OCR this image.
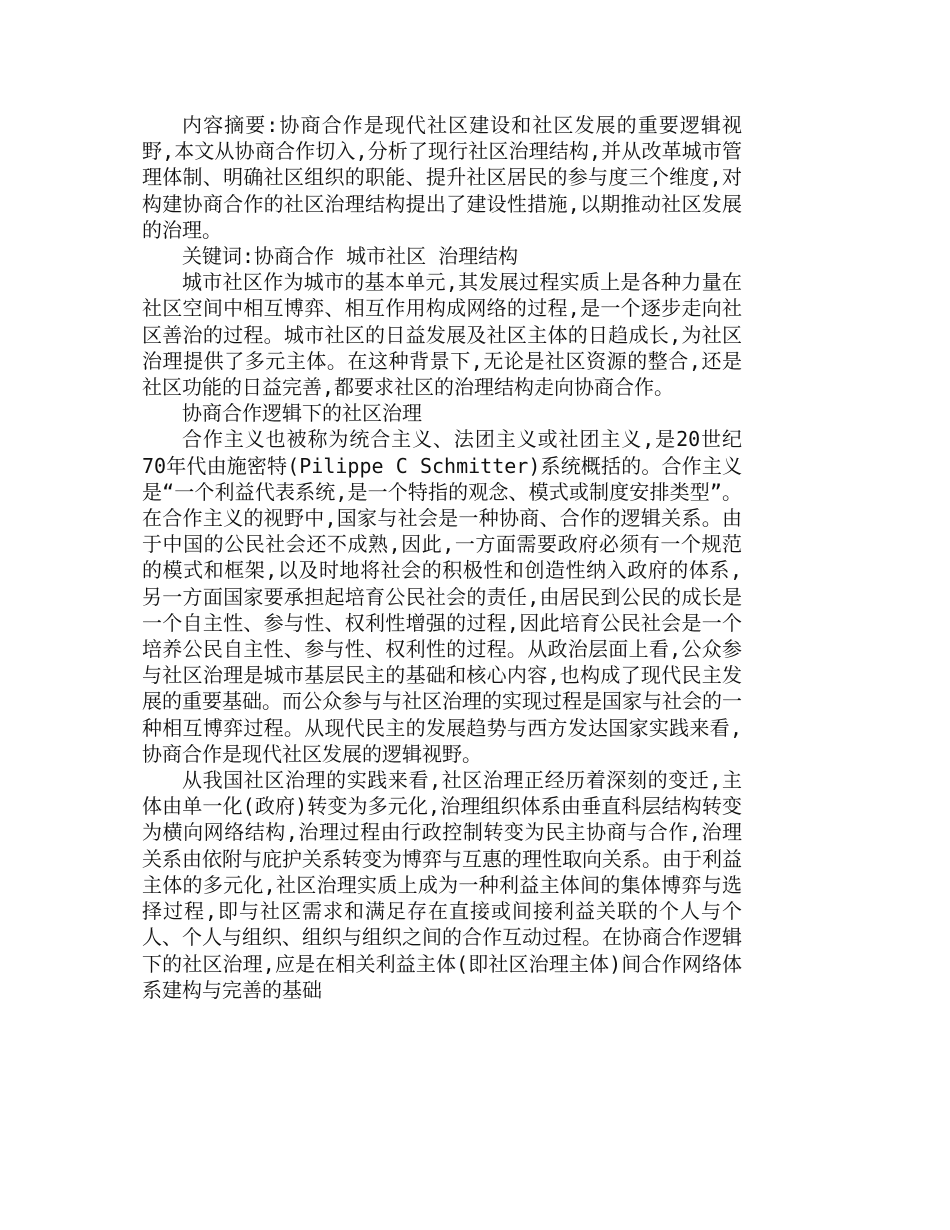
内容摘要:协商合作是现代社区建设和社区发展的重要逻辑视野,本文从协商合作切入,分析了现行社区治理结构,并从改革城市管理体制、明确社区组织的职能、提升社区居民的参与度三个维度,对构建协商合作的社区治理结构提出了建设性措施,以期推动社区发展的治理。

关键词:协商合作 城市社区 治理结构

城市社区作为城市的基本单元,其发展过程实质上是各种力量在社区空间中相互博弈、相互作用构成网络的过程,是一个逐步走向社区善治的过程。城市社区的日益发展及社区主体的日趋成长,为社区治理提供了多元主体。在这种背景下,无论是社区资源的整合,还是社区功能的日益完善,都要求社区的治理结构走向协商合作。

协商合作逻辑下的社区治理

合作主义也被称为统合主义、法团主义或社团主义,是20世纪70年代由施密特(Pilippe C Schmitter)系统概括的。合作主义是“一个利益代表系统,是一个特指的观念、模式或制度安排类型”。在合作主义的视野中,国家与社会是一种协商、合作的逻辑关系。由于中国的公民社会还不成熟,因此,一方面需要政府必须有一个规范的模式和框架,以及时地将社会的积极性和创造性纳入政府的体系,另一方面国家要承担起培育公民社会的责任,由居民到公民的成长是一个自主性、参与性、权利性增强的过程,因此培育公民社会是一个培养公民自主性、参与性、权利性的过程。从政治层面上看,公众参与社区治理是城市基层民主的基础和核心内容,也构成了现代民主发展的重要基础。而公众参与与社区治理的实现过程是国家与社会的一种相互博弈过程。从现代民主的发展趋势与西方发达国家实践来看,协商合作是现代社区发展的逻辑视野。

从我国社区治理的实践来看,社区治理正经历着深刻的变迁,主体由单一化(政府)转变为多元化,治理组织体系由垂直科层结构转变为横向网络结构,治理过程由行政控制转变为民主协商与合作,治理关系由依附与庇护关系转变为博弈与互惠的理性取向关系。由于利益主体的多元化,社区治理实质上成为一种利益主体间的集体博弈与选择过程,即与社区需求和满足存在直接或间接利益关联的个人与个人、个人与组织、组织与组织之间的合作互动过程。在协商合作逻辑下的社区治理,应是在相关利益主体(即社区治理主体)间合作网络体系建构与完善的基础
